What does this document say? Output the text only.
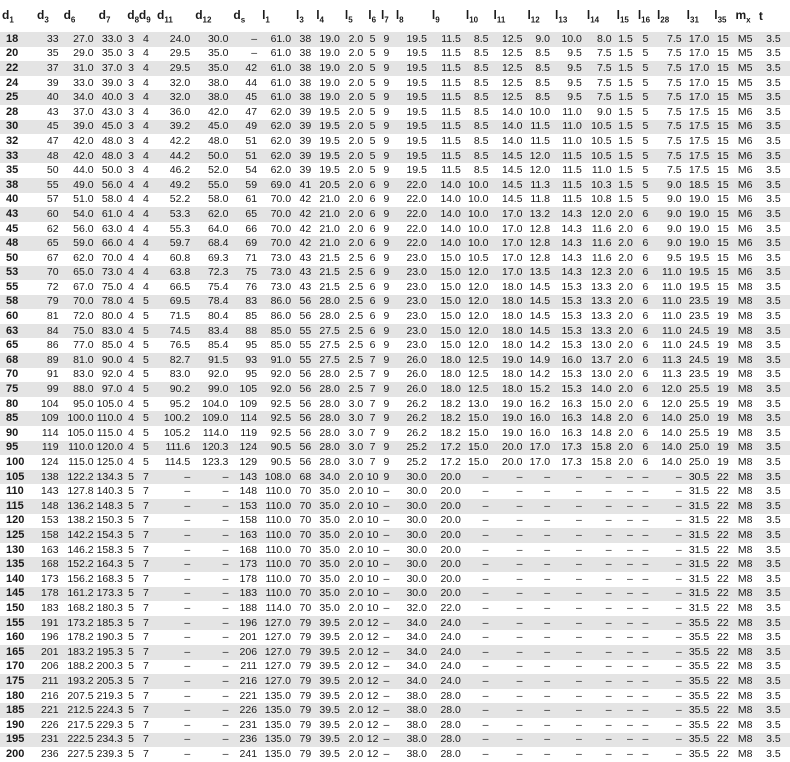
$d_1$	$d_3$	$d_6$	$d_7$	$d_8$	$d_9$	$d_{11}$	$d_{12}$	$d_s$	$l_1$	$l_3$	$l_4$	$l_5$	$l_6$	$l_7$	$l_8$	$l_9$	$l_{10}$	$l_{11}$	$l_{12}$	$l_{13}$	$l_{14}$	$l_{15}$	$l_{16}$	$l_{28}$	$l_{31}$	$l_{35}$	$m_x$	t
18	33	27.0	33.0	3	4	24.0	30.0	–	61.0	38	19.0	2.0	5	9	19.5	11.5	8.5	12.5	9.0	10.0	8.0	1.5	5	7.5	17.0	15	M5	3.5
20	35	29.0	35.0	3	4	29.5	35.0	–	61.0	38	19.0	2.0	5	9	19.5	11.5	8.5	12.5	8.5	9.5	7.5	1.5	5	7.5	17.0	15	M5	3.5
22	37	31.0	37.0	3	4	29.5	35.0	42	61.0	38	19.0	2.0	5	9	19.5	11.5	8.5	12.5	8.5	9.5	7.5	1.5	5	7.5	17.0	15	M5	3.5
24	39	33.0	39.0	3	4	32.0	38.0	44	61.0	38	19.0	2.0	5	9	19.5	11.5	8.5	12.5	8.5	9.5	7.5	1.5	5	7.5	17.0	15	M5	3.5
25	40	34.0	40.0	3	4	32.0	38.0	45	61.0	38	19.0	2.0	5	9	19.5	11.5	8.5	12.5	8.5	9.5	7.5	1.5	5	7.5	17.0	15	M5	3.5
28	43	37.0	43.0	3	4	36.0	42.0	47	62.0	39	19.5	2.0	5	9	19.5	11.5	8.5	14.0	10.0	11.0	9.0	1.5	5	7.5	17.5	15	M6	3.5
30	45	39.0	45.0	3	4	39.2	45.0	49	62.0	39	19.5	2.0	5	9	19.5	11.5	8.5	14.0	11.5	11.0	10.5	1.5	5	7.5	17.5	15	M6	3.5
32	47	42.0	48.0	3	4	42.2	48.0	51	62.0	39	19.5	2.0	5	9	19.5	11.5	8.5	14.0	11.5	11.0	10.5	1.5	5	7.5	17.5	15	M6	3.5
33	48	42.0	48.0	3	4	44.2	50.0	51	62.0	39	19.5	2.0	5	9	19.5	11.5	8.5	14.5	12.0	11.5	10.5	1.5	5	7.5	17.5	15	M6	3.5
35	50	44.0	50.0	3	4	46.2	52.0	54	62.0	39	19.5	2.0	5	9	19.5	11.5	8.5	14.5	12.0	11.5	11.0	1.5	5	7.5	17.5	15	M6	3.5
38	55	49.0	56.0	4	4	49.2	55.0	59	69.0	41	20.5	2.0	6	9	22.0	14.0	10.0	14.5	11.3	11.5	10.3	1.5	5	9.0	18.5	15	M6	3.5
40	57	51.0	58.0	4	4	52.2	58.0	61	70.0	42	21.0	2.0	6	9	22.0	14.0	10.0	14.5	11.8	11.5	10.8	1.5	5	9.0	19.0	15	M6	3.5
43	60	54.0	61.0	4	4	53.3	62.0	65	70.0	42	21.0	2.0	6	9	22.0	14.0	10.0	17.0	13.2	14.3	12.0	2.0	6	9.0	19.0	15	M6	3.5
45	62	56.0	63.0	4	4	55.3	64.0	66	70.0	42	21.0	2.0	6	9	22.0	14.0	10.0	17.0	12.8	14.3	11.6	2.0	6	9.0	19.0	15	M6	3.5
48	65	59.0	66.0	4	4	59.7	68.4	69	70.0	42	21.0	2.0	6	9	22.0	14.0	10.0	17.0	12.8	14.3	11.6	2.0	6	9.0	19.0	15	M6	3.5
50	67	62.0	70.0	4	4	60.8	69.3	71	73.0	43	21.5	2.5	6	9	23.0	15.0	10.5	17.0	12.8	14.3	11.6	2.0	6	9.5	19.5	15	M6	3.5
53	70	65.0	73.0	4	4	63.8	72.3	75	73.0	43	21.5	2.5	6	9	23.0	15.0	12.0	17.0	13.5	14.3	12.3	2.0	6	11.0	19.5	15	M6	3.5
55	72	67.0	75.0	4	4	66.5	75.4	76	73.0	43	21.5	2.5	6	9	23.0	15.0	12.0	18.0	14.5	15.3	13.3	2.0	6	11.0	19.5	15	M8	3.5
58	79	70.0	78.0	4	5	69.5	78.4	83	86.0	56	28.0	2.5	6	9	23.0	15.0	12.0	18.0	14.5	15.3	13.3	2.0	6	11.0	23.5	19	M8	3.5
60	81	72.0	80.0	4	5	71.5	80.4	85	86.0	56	28.0	2.5	6	9	23.0	15.0	12.0	18.0	14.5	15.3	13.3	2.0	6	11.0	23.5	19	M8	3.5
63	84	75.0	83.0	4	5	74.5	83.4	88	85.0	55	27.5	2.5	6	9	23.0	15.0	12.0	18.0	14.5	15.3	13.3	2.0	6	11.0	24.5	19	M8	3.5
65	86	77.0	85.0	4	5	76.5	85.4	95	85.0	55	27.5	2.5	6	9	23.0	15.0	12.0	18.0	14.2	15.3	13.0	2.0	6	11.0	24.5	19	M8	3.5
68	89	81.0	90.0	4	5	82.7	91.5	93	91.0	55	27.5	2.5	7	9	26.0	18.0	12.5	19.0	14.9	16.0	13.7	2.0	6	11.3	24.5	19	M8	3.5
70	91	83.0	92.0	4	5	83.0	92.0	95	92.0	56	28.0	2.5	7	9	26.0	18.0	12.5	18.0	14.2	15.3	13.0	2.0	6	11.3	23.5	19	M8	3.5
75	99	88.0	97.0	4	5	90.2	99.0	105	92.0	56	28.0	2.5	7	9	26.0	18.0	12.5	18.0	15.2	15.3	14.0	2.0	6	12.0	25.5	19	M8	3.5
80	104	95.0	105.0	4	5	95.2	104.0	109	92.5	56	28.0	3.0	7	9	26.2	18.2	13.0	19.0	16.2	16.3	15.0	2.0	6	12.0	25.5	19	M8	3.5
85	109	100.0	110.0	4	5	100.2	109.0	114	92.5	56	28.0	3.0	7	9	26.2	18.2	15.0	19.0	16.0	16.3	14.8	2.0	6	14.0	25.0	19	M8	3.5
90	114	105.0	115.0	4	5	105.2	114.0	119	92.5	56	28.0	3.0	7	9	26.2	18.2	15.0	19.0	16.0	16.3	14.8	2.0	6	14.0	25.5	19	M8	3.5
95	119	110.0	120.0	4	5	111.6	120.3	124	90.5	56	28.0	3.0	7	9	25.2	17.2	15.0	20.0	17.0	17.3	15.8	2.0	6	14.0	25.0	19	M8	3.5
100	124	115.0	125.0	4	5	114.5	123.3	129	90.5	56	28.0	3.0	7	9	25.2	17.2	15.0	20.0	17.0	17.3	15.8	2.0	6	14.0	25.0	19	M8	3.5
105	138	122.2	134.3	5	7	–	–	143	108.0	68	34.0	2.0	10	9	30.0	20.0	–	–	–	–	–	–	–	–	30.5	22	M8	3.5
110	143	127.8	140.3	5	7	–	–	148	110.0	70	35.0	2.0	10	–	30.0	20.0	–	–	–	–	–	–	–	–	31.5	22	M8	3.5
115	148	136.2	148.3	5	7	–	–	153	110.0	70	35.0	2.0	10	–	30.0	20.0	–	–	–	–	–	–	–	–	31.5	22	M8	3.5
120	153	138.2	150.3	5	7	–	–	158	110.0	70	35.0	2.0	10	–	30.0	20.0	–	–	–	–	–	–	–	–	31.5	22	M8	3.5
125	158	142.2	154.3	5	7	–	–	163	110.0	70	35.0	2.0	10	–	30.0	20.0	–	–	–	–	–	–	–	–	31.5	22	M8	3.5
130	163	146.2	158.3	5	7	–	–	168	110.0	70	35.0	2.0	10	–	30.0	20.0	–	–	–	–	–	–	–	–	31.5	22	M8	3.5
135	168	152.2	164.3	5	7	–	–	173	110.0	70	35.0	2.0	10	–	30.0	20.0	–	–	–	–	–	–	–	–	31.5	22	M8	3.5
140	173	156.2	168.3	5	7	–	–	178	110.0	70	35.0	2.0	10	–	30.0	20.0	–	–	–	–	–	–	–	–	31.5	22	M8	3.5
145	178	161.2	173.3	5	7	–	–	183	110.0	70	35.0	2.0	10	–	30.0	20.0	–	–	–	–	–	–	–	–	31.5	22	M8	3.5
150	183	168.2	180.3	5	7	–	–	188	114.0	70	35.0	2.0	10	–	32.0	22.0	–	–	–	–	–	–	–	–	31.5	22	M8	3.5
155	191	173.2	185.3	5	7	–	–	196	127.0	79	39.5	2.0	12	–	34.0	24.0	–	–	–	–	–	–	–	–	35.5	22	M8	3.5
160	196	178.2	190.3	5	7	–	–	201	127.0	79	39.5	2.0	12	–	34.0	24.0	–	–	–	–	–	–	–	–	35.5	22	M8	3.5
165	201	183.2	195.3	5	7	–	–	206	127.0	79	39.5	2.0	12	–	34.0	24.0	–	–	–	–	–	–	–	–	35.5	22	M8	3.5
170	206	188.2	200.3	5	7	–	–	211	127.0	79	39.5	2.0	12	–	34.0	24.0	–	–	–	–	–	–	–	–	35.5	22	M8	3.5
175	211	193.2	205.3	5	7	–	–	216	127.0	79	39.5	2.0	12	–	34.0	24.0	–	–	–	–	–	–	–	–	35.5	22	M8	3.5
180	216	207.5	219.3	5	7	–	–	221	135.0	79	39.5	2.0	12	–	38.0	28.0	–	–	–	–	–	–	–	–	35.5	22	M8	3.5
185	221	212.5	224.3	5	7	–	–	226	135.0	79	39.5	2.0	12	–	38.0	28.0	–	–	–	–	–	–	–	–	35.5	22	M8	3.5
190	226	217.5	229.3	5	7	–	–	231	135.0	79	39.5	2.0	12	–	38.0	28.0	–	–	–	–	–	–	–	–	35.5	22	M8	3.5
195	231	222.5	234.3	5	7	–	–	236	135.0	79	39.5	2.0	12	–	38.0	28.0	–	–	–	–	–	–	–	–	35.5	22	M8	3.5
200	236	227.5	239.3	5	7	–	–	241	135.0	79	39.5	2.0	12	–	38.0	28.0	–	–	–	–	–	–	–	–	35.5	22	M8	3.5
